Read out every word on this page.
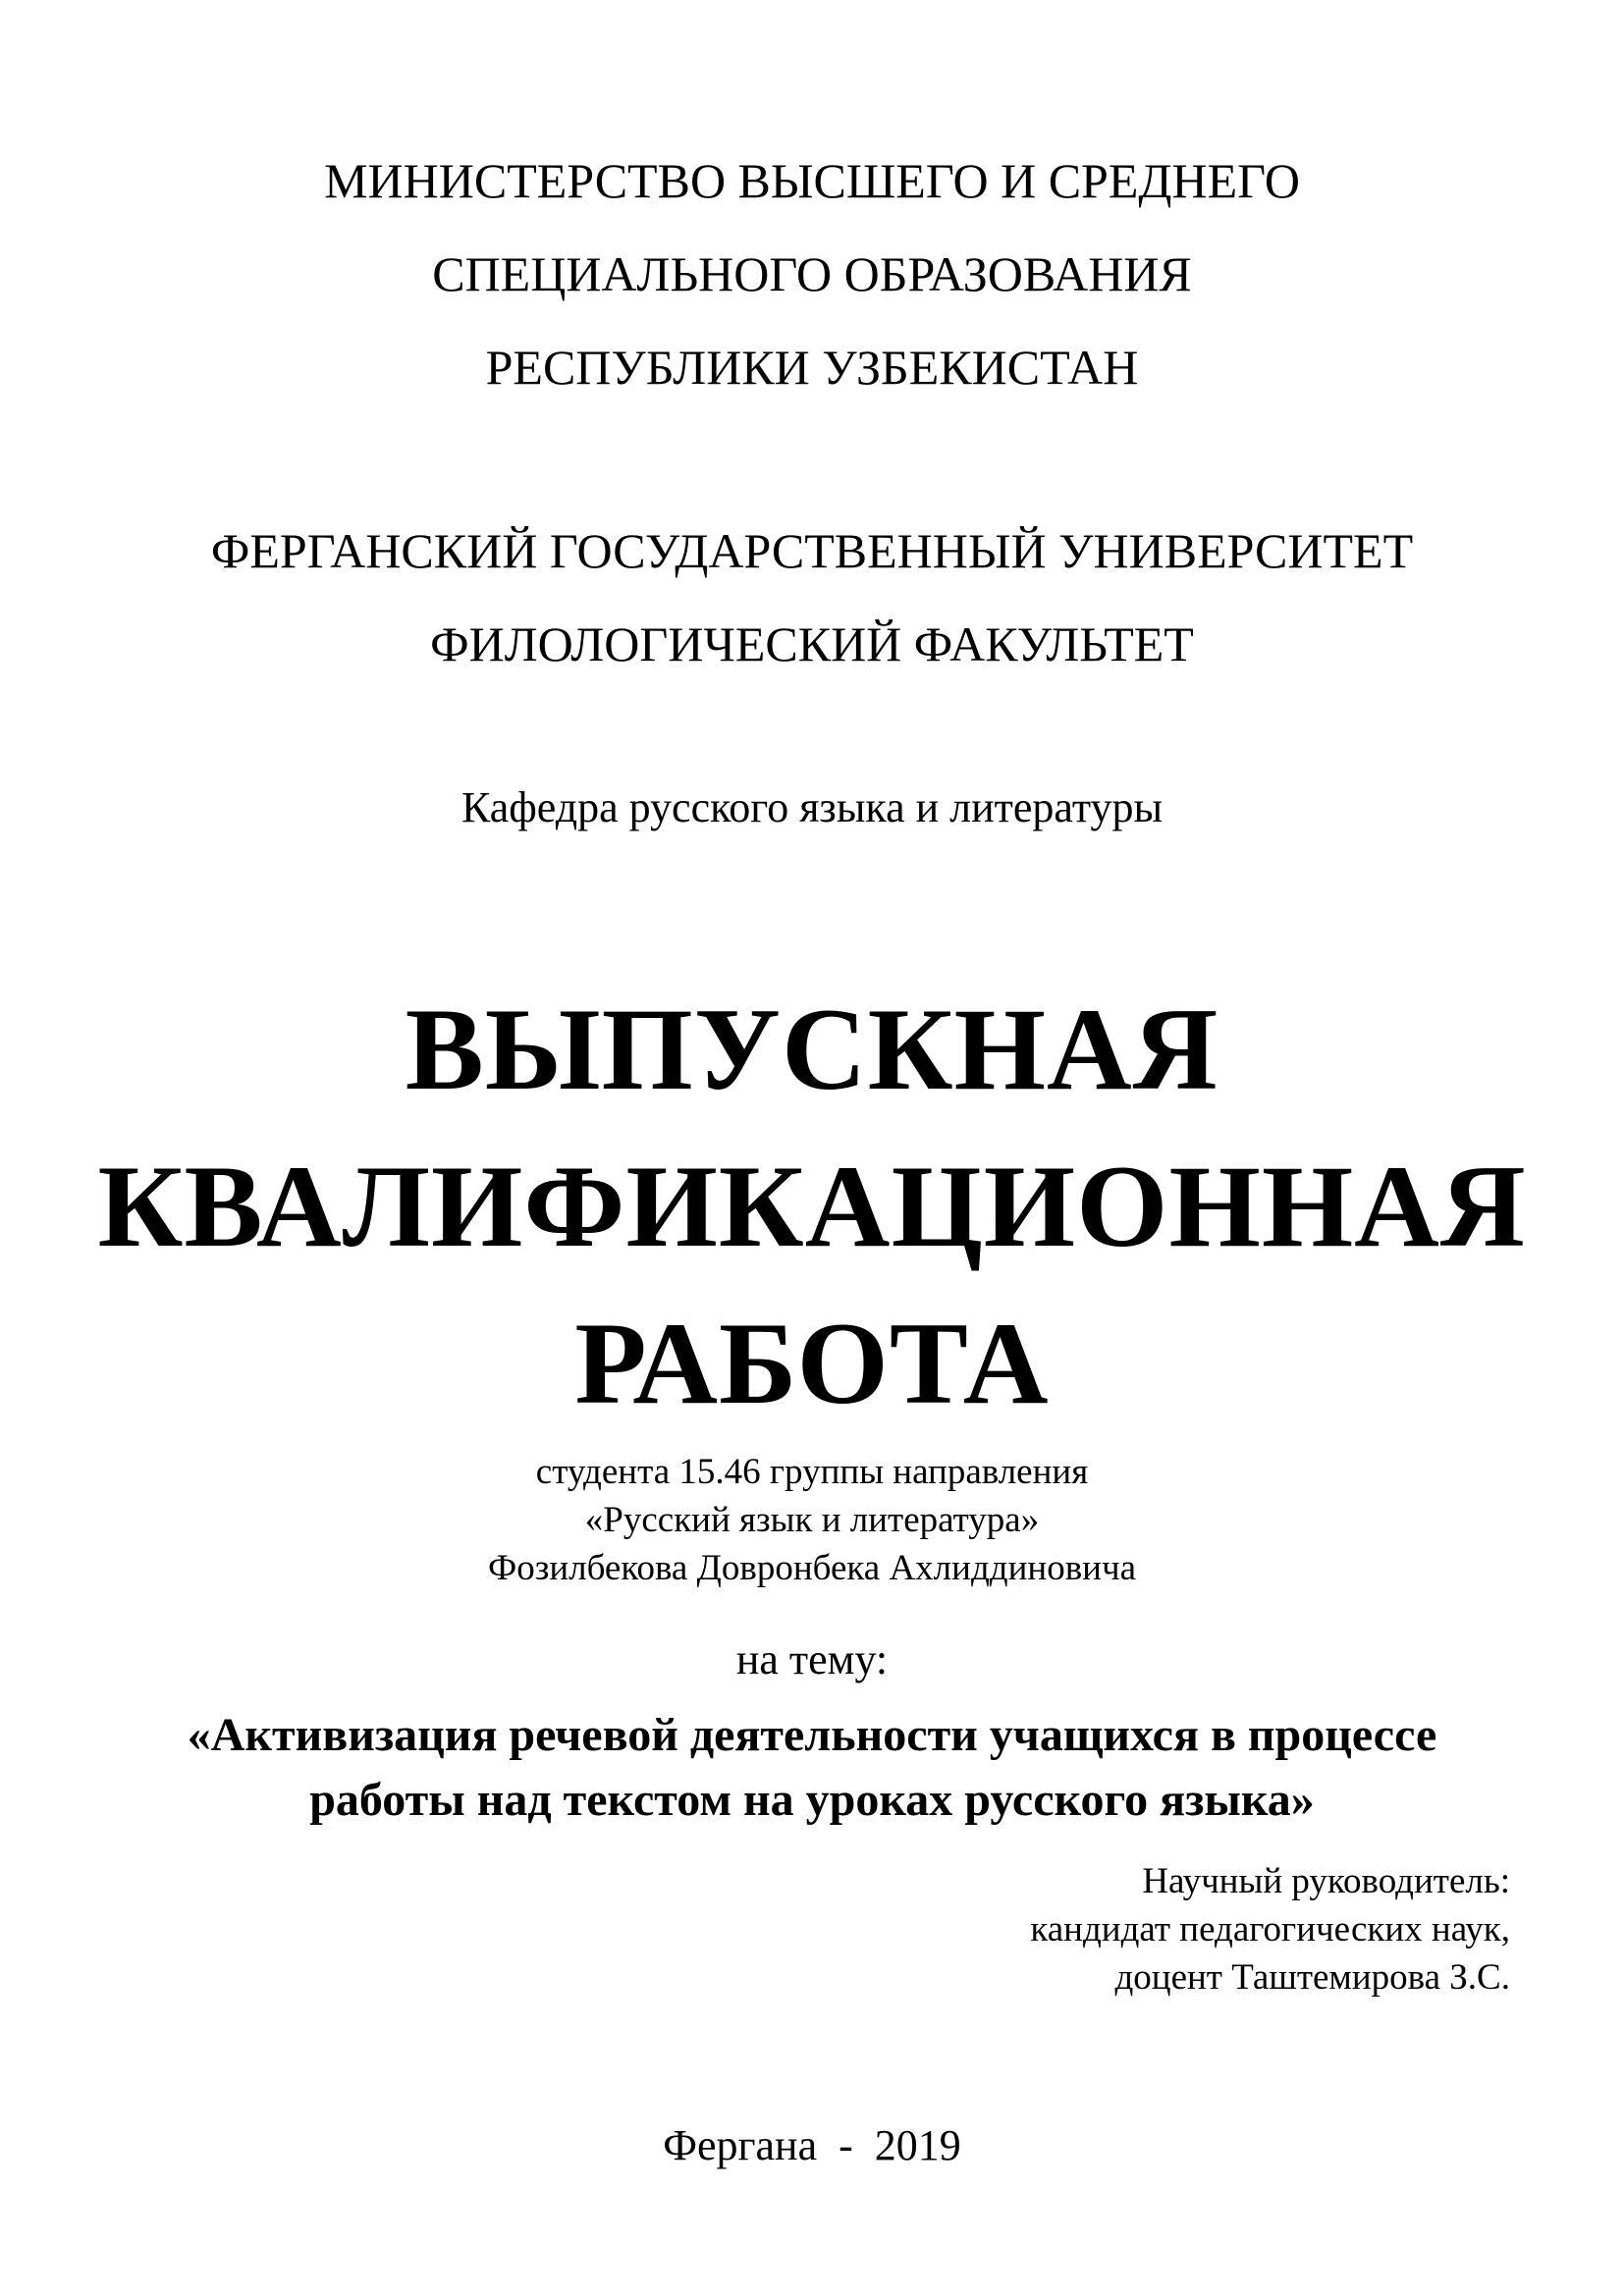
МИНИСТЕРСТВО ВЫСШЕГО И СРЕДНЕГО
СПЕЦИАЛЬНОГО ОБРАЗОВАНИЯ
РЕСПУБЛИКИ УЗБЕКИСТАН
ФЕРГАНСКИЙ ГОСУДАРСТВЕННЫЙ УНИВЕРСИТЕТ
ФИЛОЛОГИЧЕСКИЙ ФАКУЛЬТЕТ
Кафедра русского языка и литературы
ВЫПУСКНАЯ
КВАЛИФИКАЦИОННАЯ
РАБОТА
студента 15.46 группы направления
«Русский язык и литература»
Фозилбекова Довронбека Ахлиддиновича
на тему:
«Активизация речевой деятельности учащихся в процессе
работы над текстом на уроках русского языка»
Научный руководитель:
кандидат педагогических наук,
доцент Таштемирова З.С.
Фергана  -  2019
